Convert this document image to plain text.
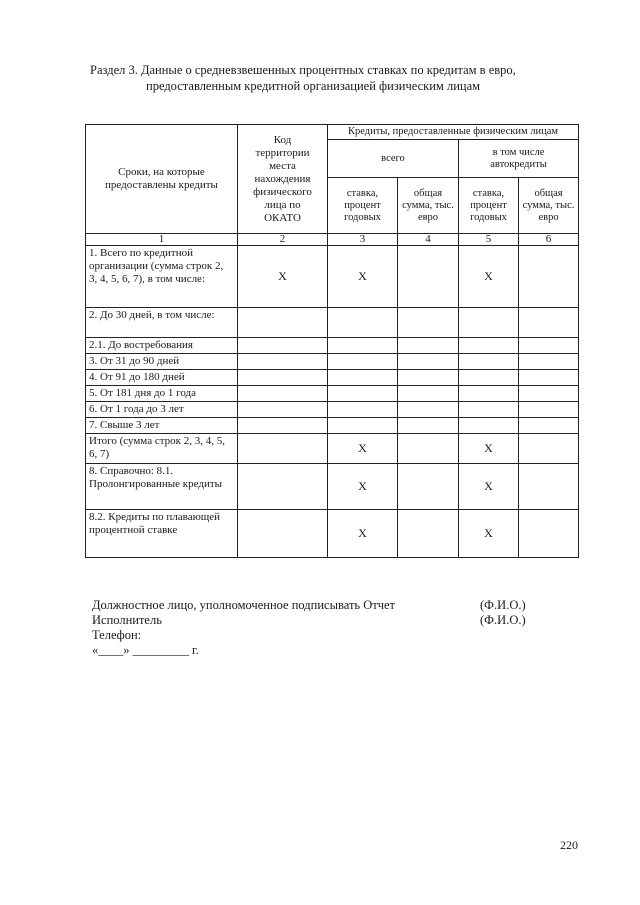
Раздел 3. Данные о средневзвешенных процентных ставках по кредитам в евро,
предоставленным кредитной организацией физическим лицам
Сроки, на которые предоставлены кредиты	Код территории места нахождения физического лица по ОКАТО	Кредиты, предоставленные физическим лицам			
		всего		в том числе автокредиты	
		ставка, процент годовых	общая сумма, тыс. евро	ставка, процент годовых	общая сумма, тыс. евро
1	2	3	4	5	6
1. Всего по кредитной организации (сумма строк 2, 3, 4, 5, 6, 7), в том числе:	X	X		X	
2. До 30 дней, в том числе:					
2.1. До востребования					
3. От 31 до 90 дней					
4. От 91 до 180 дней					
5. От 181 дня до 1 года					
6. От 1 года до 3 лет					
7. Свыше 3 лет					
Итого (сумма строк 2, 3, 4, 5, 6, 7)		X		X	
8. Справочно: 8.1. Пролонгированные кредиты		X		X	
8.2. Кредиты по плавающей процентной ставке		X		X	
Должностное лицо, уполномоченное подписывать Отчет	(Ф.И.О.)
Исполнитель	(Ф.И.О.)
Телефон:
«____» _________ г.
220
